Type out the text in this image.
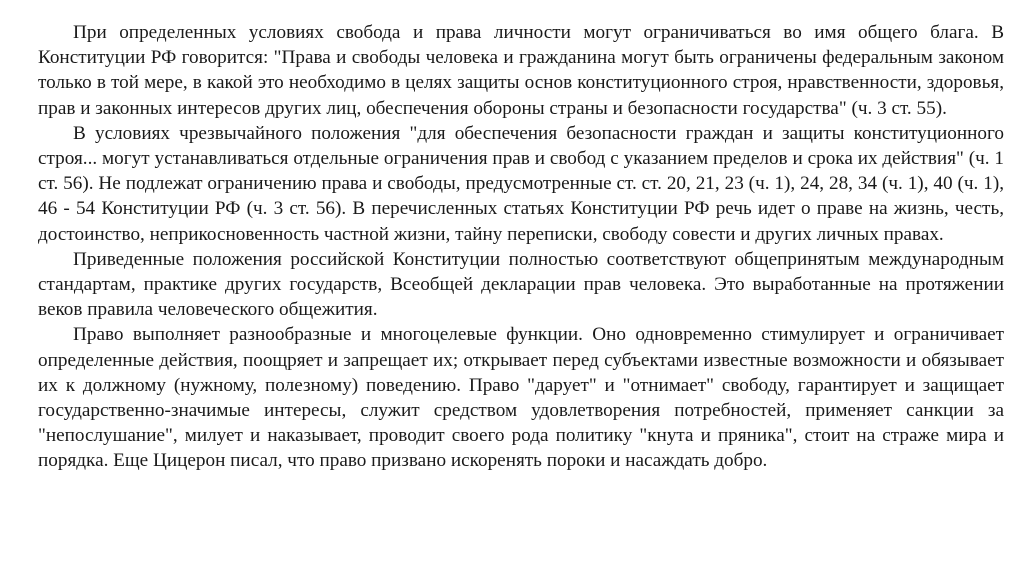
При определенных условиях свобода и права личности могут ограничиваться во имя общего блага. В Конституции РФ говорится: "Права и свободы человека и гражданина могут быть ограничены федеральным законом только в той мере, в какой это необходимо в целях защиты основ конституционного строя, нравственности, здоровья, прав и законных интересов других лиц, обеспечения обороны страны и безопасности государства" (ч. 3 ст. 55).

В условиях чрезвычайного положения "для обеспечения безопасности граждан и защиты конституционного строя... могут устанавливаться отдельные ограничения прав и свобод с указанием пределов и срока их действия" (ч. 1 ст. 56). Не подлежат ограничению права и свободы, предусмотренные ст. ст. 20, 21, 23 (ч. 1), 24, 28, 34 (ч. 1), 40 (ч. 1), 46 - 54 Конституции РФ (ч. 3 ст. 56). В перечисленных статьях Конституции РФ речь идет о праве на жизнь, честь, достоинство, неприкосновенность частной жизни, тайну переписки, свободу совести и других личных правах.

Приведенные положения российской Конституции полностью соответствуют общепринятым международным стандартам, практике других государств, Всеобщей декларации прав человека. Это выработанные на протяжении веков правила человеческого общежития.

Право выполняет разнообразные и многоцелевые функции. Оно одновременно стимулирует и ограничивает определенные действия, поощряет и запрещает их; открывает перед субъектами известные возможности и обязывает их к должному (нужному, полезному) поведению. Право "дарует" и "отнимает" свободу, гарантирует и защищает государственно-значимые интересы, служит средством удовлетворения потребностей, применяет санкции за "непослушание", милует и наказывает, проводит своего рода политику "кнута и пряника", стоит на страже мира и порядка. Еще Цицерон писал, что право призвано искоренять пороки и насаждать добро.
